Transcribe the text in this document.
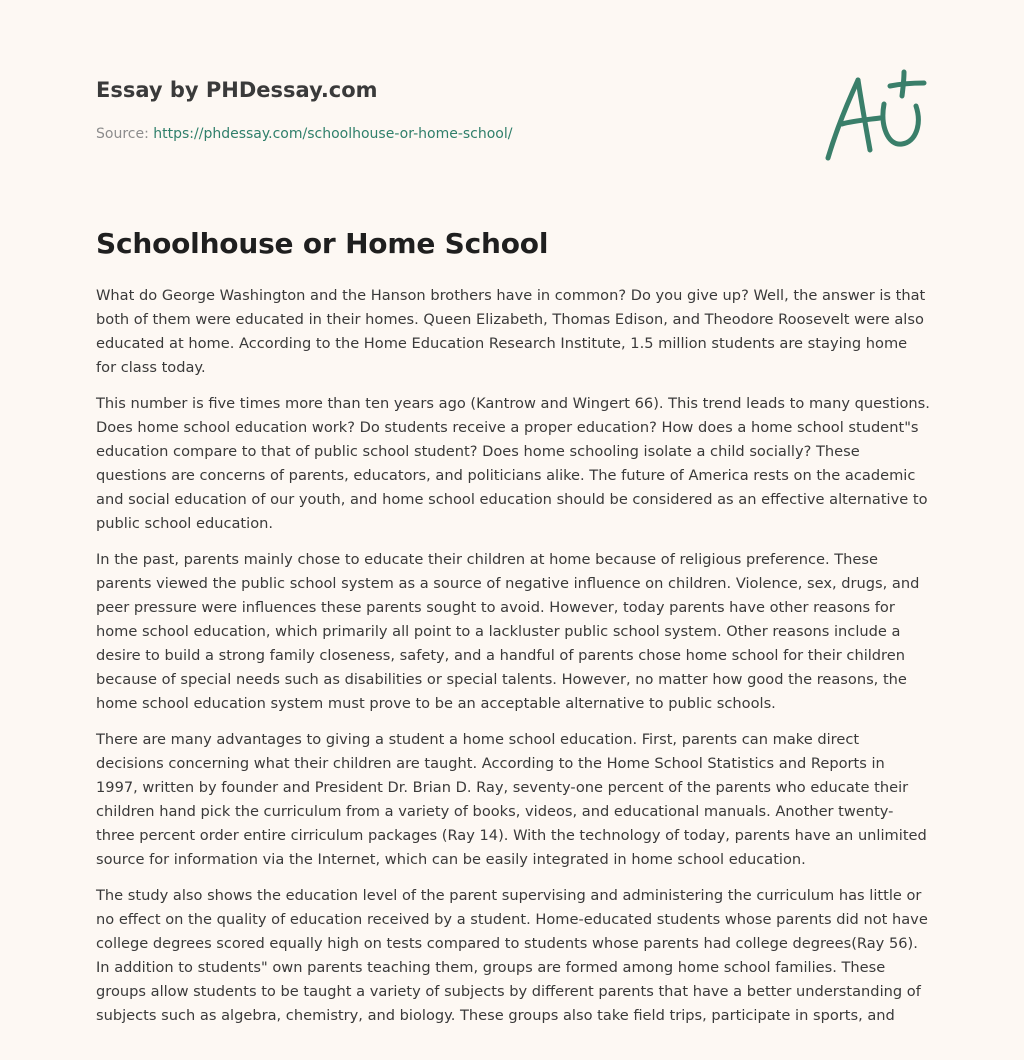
Essay by PHDessay.com
Source: https://phdessay.com/schoolhouse-or-home-school/
Schoolhouse or Home School

What do George Washington and the Hanson brothers have in common? Do you give up? Well, the answer is that both of them were educated in their homes. Queen Elizabeth, Thomas Edison, and Theodore Roosevelt were also educated at home. According to the Home Education Research Institute, 1.5 million students are staying home for class today.

This number is five times more than ten years ago (Kantrow and Wingert 66). This trend leads to many questions. Does home school education work? Do students receive a proper education? How does a home school student"s education compare to that of public school student? Does home schooling isolate a child socially? These questions are concerns of parents, educators, and politicians alike. The future of America rests on the academic and social education of our youth, and home school education should be considered as an effective alternative to public school education.

In the past, parents mainly chose to educate their children at home because of religious preference. These parents viewed the public school system as a source of negative influence on children. Violence, sex, drugs, and peer pressure were influences these parents sought to avoid. However, today parents have other reasons for home school education, which primarily all point to a lackluster public school system. Other reasons include a desire to build a strong family closeness, safety, and a handful of parents chose home school for their children because of special needs such as disabilities or special talents. However, no matter how good the reasons, the home school education system must prove to be an acceptable alternative to public schools.

There are many advantages to giving a student a home school education. First, parents can make direct decisions concerning what their children are taught. According to the Home School Statistics and Reports in 1997, written by founder and President Dr. Brian D. Ray, seventy-one percent of the parents who educate their children hand pick the curriculum from a variety of books, videos, and educational manuals. Another twenty-three percent order entire cirriculum packages (Ray 14). With the technology of today, parents have an unlimited source for information via the Internet, which can be easily integrated in home school education.

The study also shows the education level of the parent supervising and administering the curriculum has little or no effect on the quality of education received by a student. Home-educated students whose parents did not have college degrees scored equally high on tests compared to students whose parents had college degrees(Ray 56). In addition to students" own parents teaching them, groups are formed among home school families. These groups allow students to be taught a variety of subjects by different parents that have a better understanding of subjects such as algebra, chemistry, and biology. These groups also take field trips, participate in sports, and
